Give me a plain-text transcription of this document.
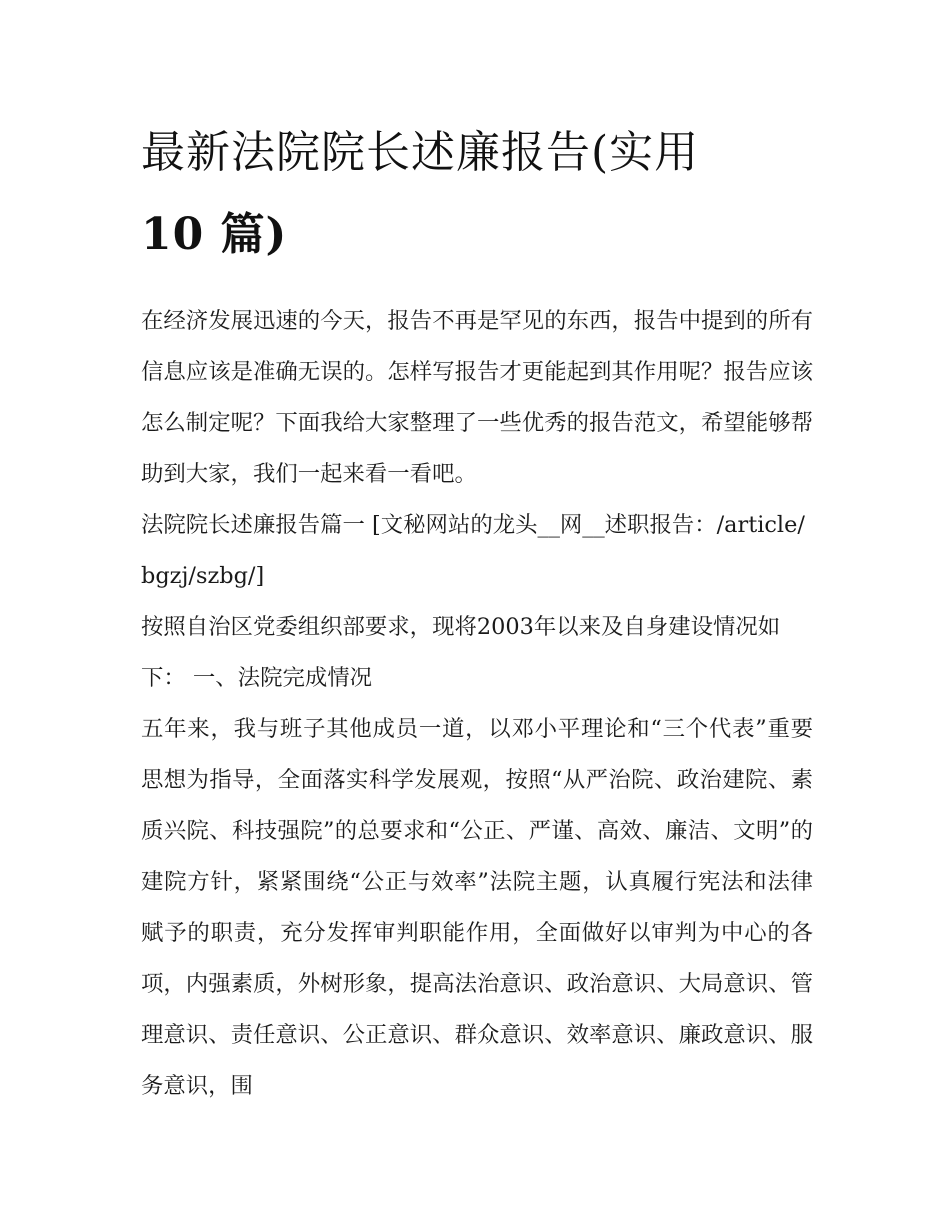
最新法院院长述廉报告(实用
10 篇)

在经济发展迅速的今天，报告不再是罕见的东西，报告中提到的所有信息应该是准确无误的。怎样写报告才更能起到其作用呢？报告应该怎么制定呢？下面我给大家整理了一些优秀的报告范文，希望能够帮助到大家，我们一起来看一看吧。

法院院长述廉报告篇一 [文秘网站的龙头__网__述职报告：/article/bgzj/szbg/]

按照自治区党委组织部要求，现将2003年以来及自身建设情况如下： 一、法院完成情况

五年来，我与班子其他成员一道，以邓小平理论和“三个代表”重要思想为指导，全面落实科学发展观，按照“从严治院、政治建院、素质兴院、科技强院”的总要求和“公正、严谨、高效、廉洁、文明”的建院方针，紧紧围绕“公正与效率”法院主题，认真履行宪法和法律赋予的职责，充分发挥审判职能作用，全面做好以审判为中心的各项，内强素质，外树形象，提高法治意识、政治意识、大局意识、管理意识、责任意识、公正意识、群众意识、效率意识、廉政意识、服务意识，围
